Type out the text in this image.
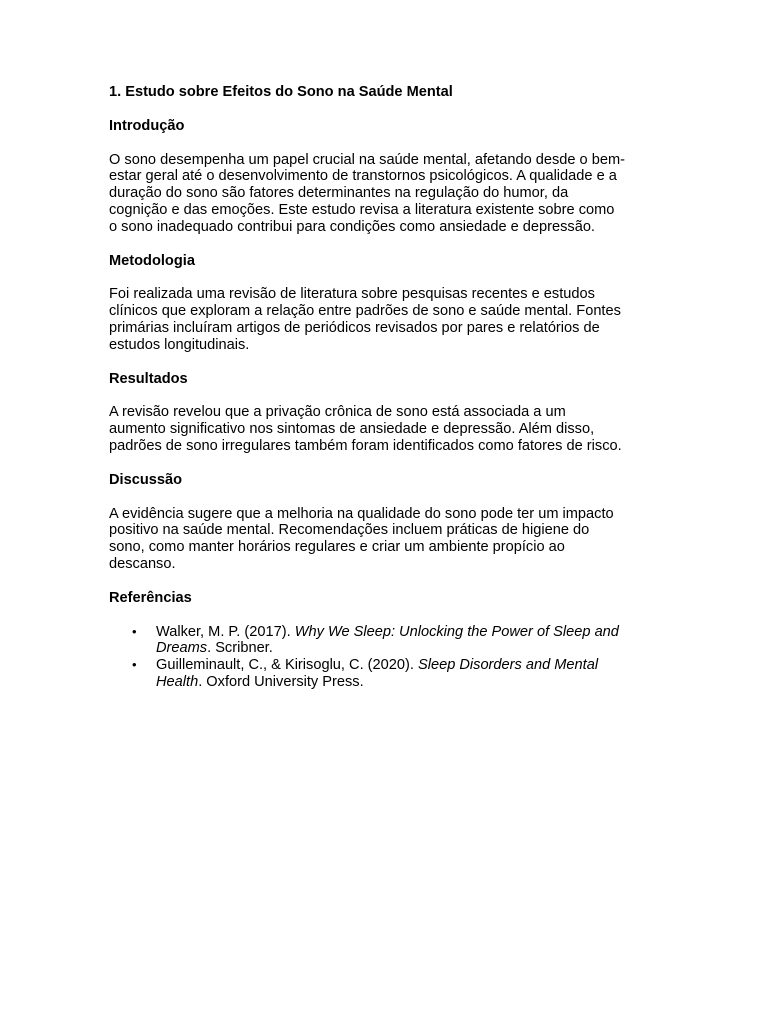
1. Estudo sobre Efeitos do Sono na Saúde Mental
Introdução
O sono desempenha um papel crucial na saúde mental, afetando desde o bem-
estar geral até o desenvolvimento de transtornos psicológicos. A qualidade e a
duração do sono são fatores determinantes na regulação do humor, da
cognição e das emoções. Este estudo revisa a literatura existente sobre como
o sono inadequado contribui para condições como ansiedade e depressão.
Metodologia
Foi realizada uma revisão de literatura sobre pesquisas recentes e estudos
clínicos que exploram a relação entre padrões de sono e saúde mental. Fontes
primárias incluíram artigos de periódicos revisados por pares e relatórios de
estudos longitudinais.
Resultados
A revisão revelou que a privação crônica de sono está associada a um
aumento significativo nos sintomas de ansiedade e depressão. Além disso,
padrões de sono irregulares também foram identificados como fatores de risco.
Discussão
A evidência sugere que a melhoria na qualidade do sono pode ter um impacto
positivo na saúde mental. Recomendações incluem práticas de higiene do
sono, como manter horários regulares e criar um ambiente propício ao
descanso.
Referências
• Walker, M. P. (2017). Why We Sleep: Unlocking the Power of Sleep and
Dreams. Scribner.
• Guilleminault, C., & Kirisoglu, C. (2020). Sleep Disorders and Mental
Health. Oxford University Press.
